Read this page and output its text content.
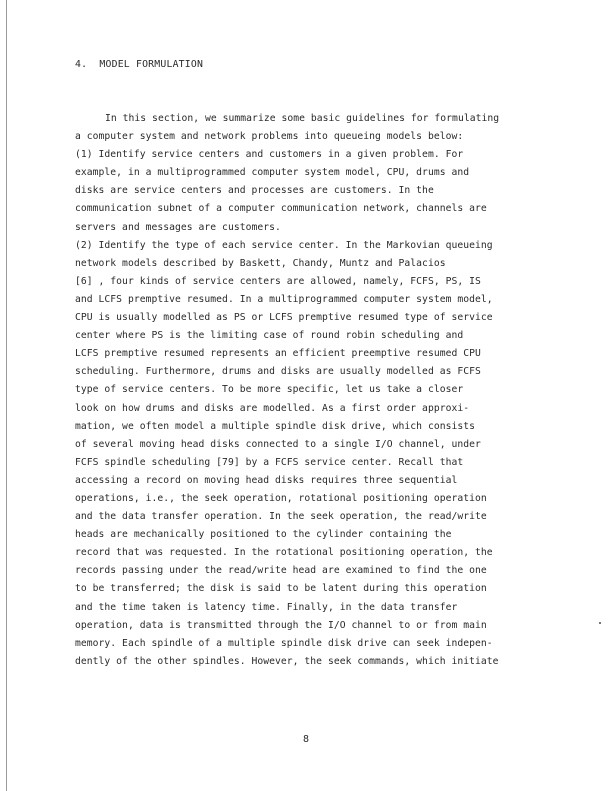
4.  MODEL FORMULATION
In this section, we summarize some basic guidelines for formulating
a computer system and network problems into queueing models below:
(1) Identify service centers and customers in a given problem. For
example, in a multiprogrammed computer system model, CPU, drums and
disks are service centers and processes are customers. In the
communication subnet of a computer communication network, channels are
servers and messages are customers.
(2) Identify the type of each service center. In the Markovian queueing
network models described by Baskett, Chandy, Muntz and Palacios
[6] , four kinds of service centers are allowed, namely, FCFS, PS, IS
and LCFS premptive resumed. In a multiprogrammed computer system model,
CPU is usually modelled as PS or LCFS premptive resumed type of service
center where PS is the limiting case of round robin scheduling and
LCFS premptive resumed represents an efficient preemptive resumed CPU
scheduling. Furthermore, drums and disks are usually modelled as FCFS
type of service centers. To be more specific, let us take a closer
look on how drums and disks are modelled. As a first order approxi-
mation, we often model a multiple spindle disk drive, which consists
of several moving head disks connected to a single I/O channel, under
FCFS spindle scheduling [79] by a FCFS service center. Recall that
accessing a record on moving head disks requires three sequential
operations, i.e., the seek operation, rotational positioning operation
and the data transfer operation. In the seek operation, the read/write
heads are mechanically positioned to the cylinder containing the
record that was requested. In the rotational positioning operation, the
records passing under the read/write head are examined to find the one
to be transferred; the disk is said to be latent during this operation
and the time taken is latency time. Finally, in the data transfer
operation, data is transmitted through the I/O channel to or from main
memory. Each spindle of a multiple spindle disk drive can seek indepen-
dently of the other spindles. However, the seek commands, which initiate
8
